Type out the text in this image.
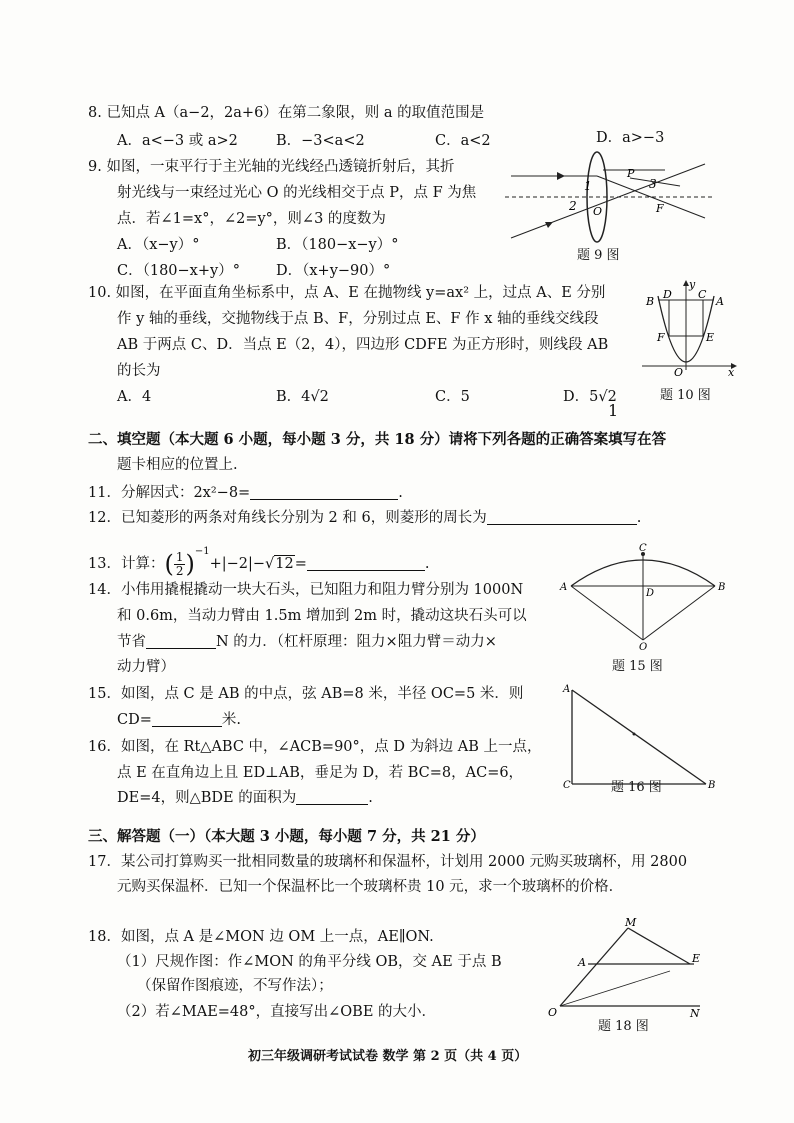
8. 已知点 A（a−2，2a+6）在第二象限，则 a 的取值范围是
A．a<−3 或 a>2	B．−3<a<2	C．a<2	D．a>−3
9. 如图，一束平行于主光轴的光线经凸透镜折射后，其折
射光线与一束经过光心 O 的光线相交于点 P，点 F 为焦
点．若∠1=x°，∠2=y°，则∠3 的度数为
A．（x−y）°	B．（180−x−y）°
C．（180−x+y）° D．（x+y−90）°
1
2
3
P
O	F
题 9 图
10. 如图，在平面直角坐标系中，点 A、E 在抛物线 y=ax² 上，过点 A、E 分别
作 y 轴的垂线，交抛物线于点 B、F，分别过点 E、F 作 x 轴的垂线交线段
AB 于两点 C、D．当点 E（2，4），四边形 CDFE 为正方形时，则线段 AB
的长为
A．4	B．4√2	C．5	D．5√2
1
y
B
D C
A
F	E
O	x
题 10 图
二、填空题（本大题 6 小题，每小题 3 分，共 18 分）请将下列各题的正确答案填写在答
题卡相应的位置上.
11．分解因式：2x²−8=	.
12．已知菱形的两条对角线长分别为 2 和 6，则菱形的周长为	.
13．计算：( $\frac{1}{2} )^{-1}+|-2|-√12=$	.
14．小伟用撬棍撬动一块大石头，已知阻力和阻力臂分别为 1000N
和 0.6m，当动力臂由 1.5m 增加到 2m 时，撬动这块石头可以
节省	N 的力．（杠杆原理：阻力×阻力臂＝动力×
动力臂）
C
A
D
B
O
题 15 图
15．如图，点 C 是 AB 的中点，弦 AB=8 米，半径 OC=5 米．则
CD=	米.
16．如图，在 Rt△ABC 中，∠ACB=90°，点 D 为斜边 AB 上一点，
点 E 在直角边上且 ED⊥AB，垂足为 D，若 BC=8，AC=6，
DE=4，则△BDE 的面积为	.
A
C	B
题 16 图
三、解答题（一）（本大题 3 小题，每小题 7 分，共 21 分）
17．某公司打算购买一批相同数量的玻璃杯和保温杯，计划用 2000 元购买玻璃杯，用 2800
元购买保温杯．已知一个保温杯比一个玻璃杯贵 10 元，求一个玻璃杯的价格．
18．如图，点 A 是∠MON 边 OM 上一点，AE∥ON.
（1）尺规作图：作∠MON 的角平分线 OB，交 AE 于点 B
（保留作图痕迹，不写作法）；
（2）若∠MAE=48°，直接写出∠OBE 的大小．
M
A	E
O	N
题 18 图
初三年级调研考试试卷 数学 第 2 页（共 4 页）
